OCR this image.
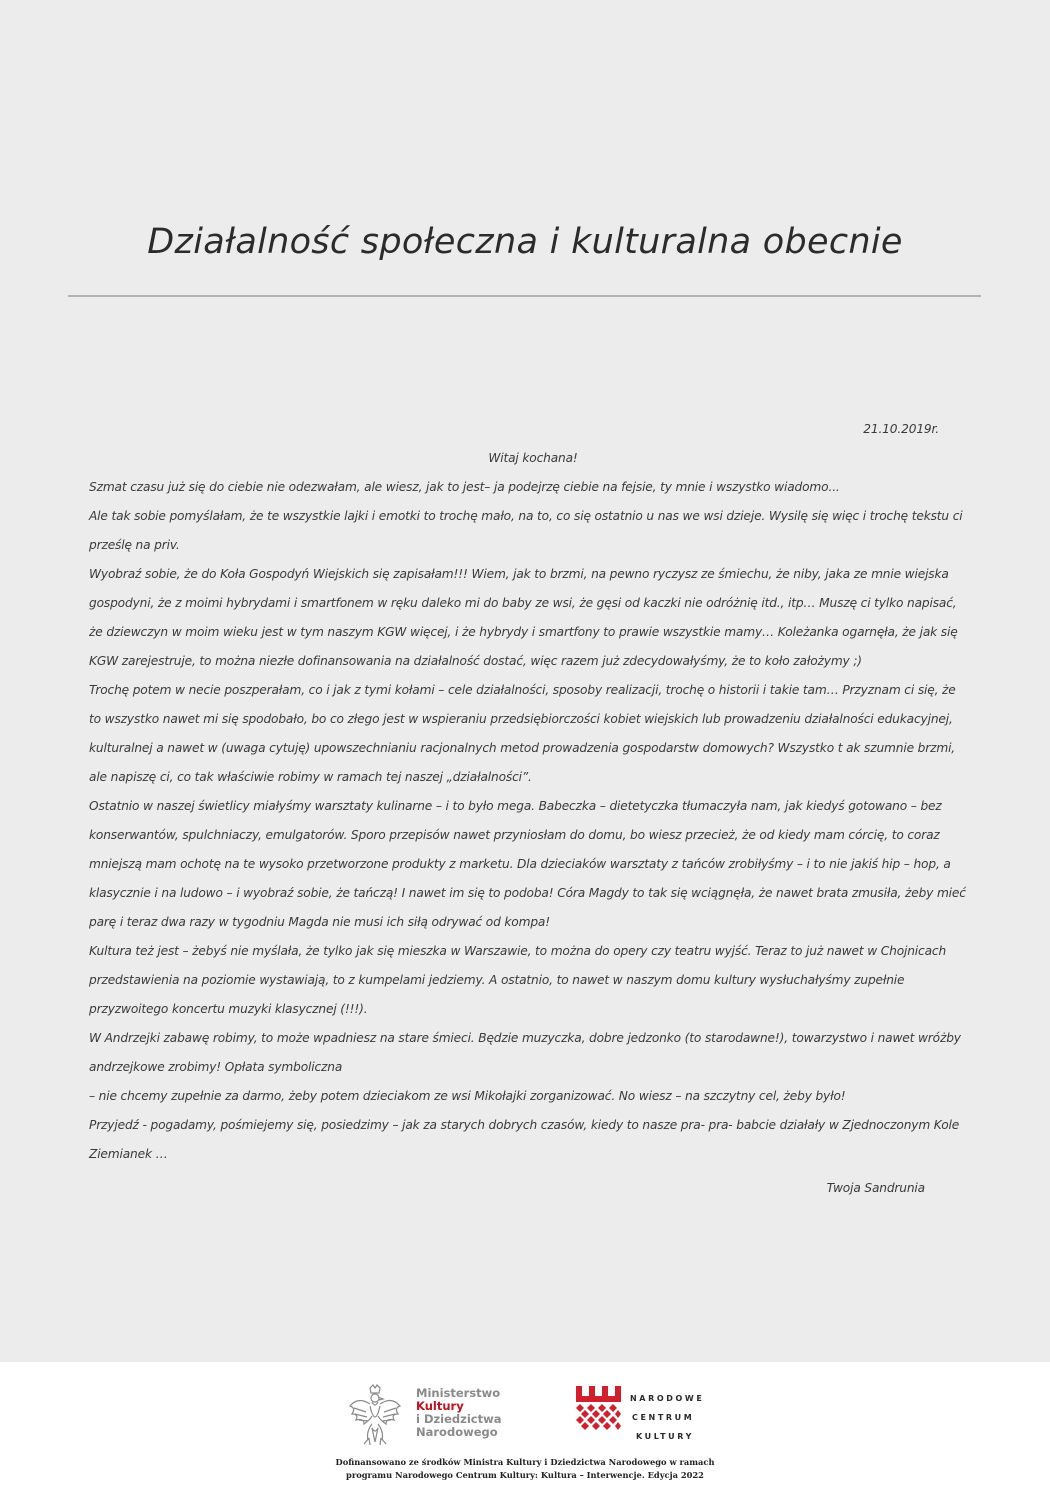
Działalność społeczna i kulturalna obecnie

21.10.2019r.

Witaj kochana!

Szmat czasu już się do ciebie nie odezwałam, ale wiesz, jak to jest– ja podejrzę ciebie na fejsie, ty mnie i wszystko wiadomo...

Ale tak sobie pomyślałam, że te wszystkie lajki i emotki to trochę mało, na to, co się ostatnio u nas we wsi dzieje. Wysilę się więc i trochę tekstu ci prześlę na priv.

Wyobraź sobie, że do Koła Gospodyń Wiejskich się zapisałam!!! Wiem, jak to brzmi, na pewno ryczysz ze śmiechu, że niby, jaka ze mnie wiejska gospodyni, że z moimi hybrydami i smartfonem w ręku daleko mi do baby ze wsi, że gęsi od kaczki nie odróżnię itd., itp… Muszę ci tylko napisać, że dziewczyn w moim wieku jest w tym naszym KGW więcej, i że hybrydy i smartfony to prawie wszystkie mamy… Koleżanka ogarnęła, że jak się KGW zarejestruje, to można niezłe dofinansowania na działalność dostać, więc razem już zdecydowałyśmy, że to koło założymy ;)

Trochę potem w necie poszperałam, co i jak z tymi kołami – cele działalności, sposoby realizacji, trochę o historii i takie tam… Przyznam ci się, że to wszystko nawet mi się spodobało, bo co złego jest w wspieraniu przedsiębiorczości kobiet wiejskich lub prowadzeniu działalności edukacyjnej, kulturalnej a nawet w (uwaga cytuję) upowszechnianiu racjonalnych metod prowadzenia gospodarstw domowych? Wszystko t ak szumnie brzmi, ale napiszę ci, co tak właściwie robimy w ramach tej naszej „działalności”.

Ostatnio w naszej świetlicy miałyśmy warsztaty kulinarne – i to było mega. Babeczka – dietetyczka tłumaczyła nam, jak kiedyś gotowano – bez konserwantów, spulchniaczy, emulgatorów. Sporo przepisów nawet przyniosłam do domu, bo wiesz przecież, że od kiedy mam córcię, to coraz mniejszą mam ochotę na te wysoko przetworzone produkty z marketu. Dla dzieciaków warsztaty z tańców zrobiłyśmy – i to nie jakiś hip – hop, a klasycznie i na ludowo – i wyobraź sobie, że tańczą! I nawet im się to podoba! Córa Magdy to tak się wciągnęła, że nawet brata zmusiła, żeby mieć parę i teraz dwa razy w tygodniu Magda nie musi ich siłą odrywać od kompa!

Kultura też jest – żebyś nie myślała, że tylko jak się mieszka w Warszawie, to można do opery czy teatru wyjść. Teraz to już nawet w Chojnicach przedstawienia na poziomie wystawiają, to z kumpelami jedziemy. A ostatnio, to nawet w naszym domu kultury wysłuchałyśmy zupełnie przyzwoitego koncertu muzyki klasycznej (!!!).

W Andrzejki zabawę robimy, to może wpadniesz na stare śmieci. Będzie muzyczka, dobre jedzonko (to starodawne!), towarzystwo i nawet wróżby andrzejkowe zrobimy! Opłata symboliczna

– nie chcemy zupełnie za darmo, żeby potem dzieciakom ze wsi Mikołajki zorganizować. No wiesz – na szczytny cel, żeby było!

Przyjedź - pogadamy, pośmiejemy się, posiedzimy – jak za starych dobrych czasów, kiedy to nasze pra- pra- babcie działały w Zjednoczonym Kole Ziemianek …

Twoja Sandrunia

Ministerstwo
Kultury
i Dziedzictwa
Narodowego
NARODOWE
CENTRUM
KULTURY
Dofinansowano ze środków Ministra Kultury i Dziedzictwa Narodowego w ramach
programu Narodowego Centrum Kultury: Kultura – Interwencje. Edycja 2022
